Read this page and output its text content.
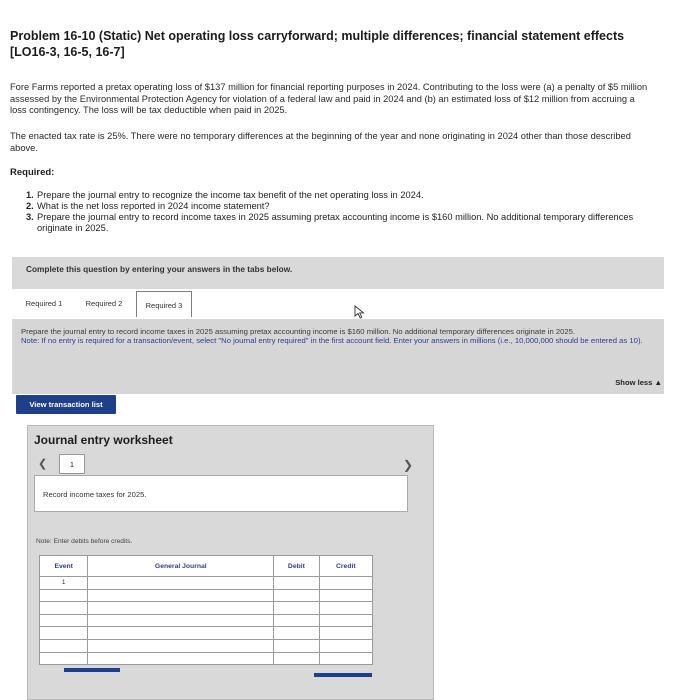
Problem 16-10 (Static) Net operating loss carryforward; multiple differences; financial statement effects [LO16-3, 16-5, 16-7]
Fore Farms reported a pretax operating loss of $137 million for financial reporting purposes in 2024. Contributing to the loss were (a) a penalty of $5 million assessed by the Environmental Protection Agency for violation of a federal law and paid in 2024 and (b) an estimated loss of $12 million from accruing a loss contingency. The loss will be tax deductible when paid in 2025.
The enacted tax rate is 25%. There were no temporary differences at the beginning of the year and none originating in 2024 other than those described above.
Required:
1. Prepare the journal entry to recognize the income tax benefit of the net operating loss in 2024.
2. What is the net loss reported in 2024 income statement?
3. Prepare the journal entry to record income taxes in 2025 assuming pretax accounting income is $160 million. No additional temporary differences originate in 2025.
Complete this question by entering your answers in the tabs below.
Required 1	Required 2	Required 3
Prepare the journal entry to record income taxes in 2025 assuming pretax accounting income is $160 million. No additional temporary differences originate in 2025.
Note: If no entry is required for a transaction/event, select "No journal entry required" in the first account field. Enter your answers in millions (i.e., 10,000,000 should be entered as 10).
Show less ▲
View transaction list
Journal entry worksheet
❮	1	❯
Record income taxes for 2025.
Note: Enter debits before credits.
Event	General Journal	Debit	Credit
1			
